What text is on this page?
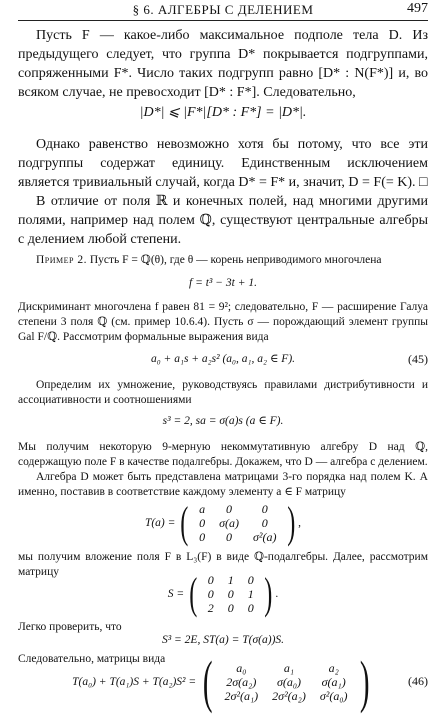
§ 6. АЛГЕБРЫ С ДЕЛЕНИЕМ	497

Пусть F — какое-либо максимальное подполе тела D. Из предыдущего следует, что группа D* покрывается подгруппами, сопряженными F*. Число таких подгрупп равно [D* : N(F*)] и, во всяком случае, не превосходит [D* : F*]. Следовательно,

|D*| ⩽ |F*|[D* : F*] = |D*|.

Однако равенство невозможно хотя бы потому, что все эти подгруппы содержат единицу. Единственным исключением является тривиальный случай, когда D* = F* и, значит, D = F(= K). □

В отличие от поля ℝ и конечных полей, над многими другими полями, например над полем ℚ, существуют центральные алгебры с делением любой степени.

Пример 2. Пусть F = ℚ(θ), где θ — корень неприводимого многочлена

f = t³ − 3t + 1.

Дискриминант многочлена f равен 81 = 9²; следовательно, F — расширение Галуа степени 3 поля ℚ (см. пример 10.6.4). Пусть σ — порождающий элемент группы Gal F/ℚ. Рассмотрим формальные выражения вида

a₀ + a₁s + a₂s² (a₀, a₁, a₂ ∈ F).	(45)

Определим их умножение, руководствуясь правилами дистрибутивности и ассоциативности и соотношениями

s³ = 2, sa = σ(a)s (a ∈ F).

Мы получим некоторую 9-мерную некоммутативную алгебру D над ℚ, содержащую поле F в качестве подалгебры. Докажем, что D — алгебра с делением.

Алгебра D может быть представлена матрицами 3-го порядка над полем K. А именно, поставив в соответствие каждому элементу a ∈ F матрицу

T(a) = ( a	0	0
0	σ(a)	0
0	0	σ²(a) ) ,

мы получим вложение поля F в L₃(F) в виде ℚ-подалгебры. Далее, рассмотрим матрицу

S = ( 0	1	0
0	0	1
2	0	0 ) .

Легко проверить, что

S³ = 2E, ST(a) = T(σ(a))S.

Следовательно, матрицы вида

T(a₀) + T(a₁)S + T(a₂)S² = ( a₀	a₁	a₂
2σ(a₂)	σ(a₀)	σ(a₁)
2σ²(a₁)	2σ²(a₂)	σ²(a₀) )	(46)
